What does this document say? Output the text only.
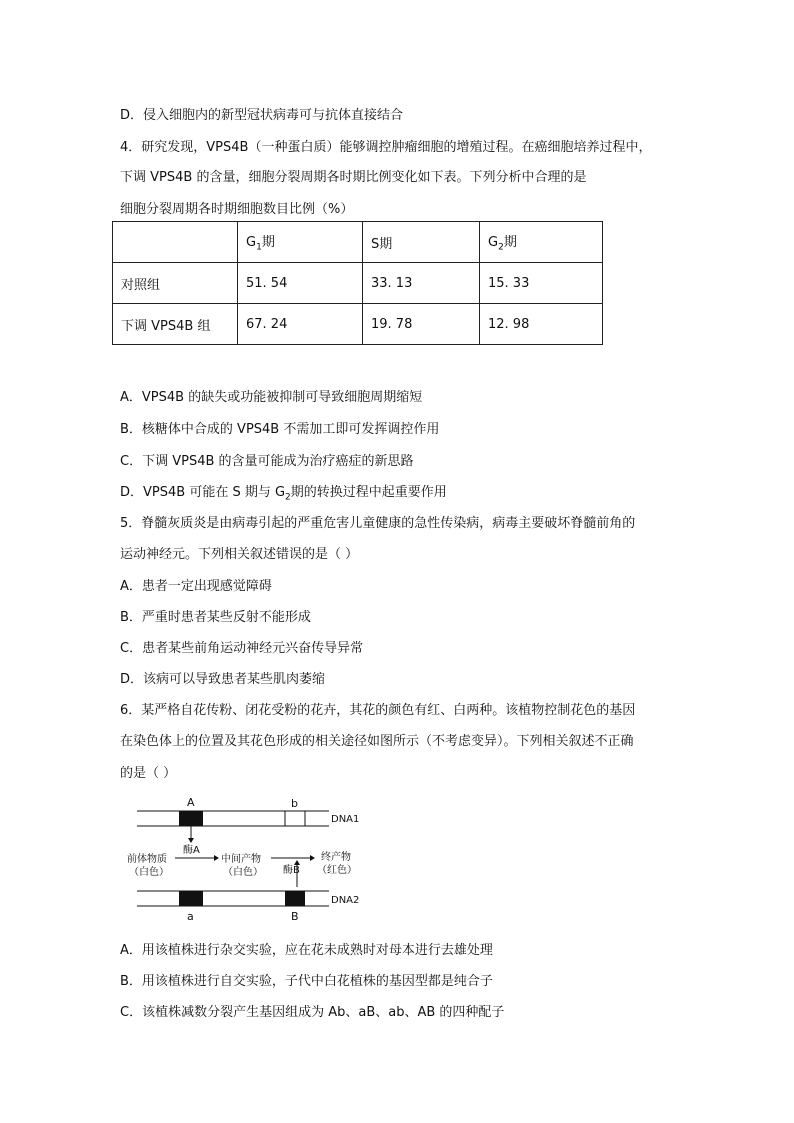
D．侵入细胞内的新型冠状病毒可与抗体直接结合
4．研究发现，VPS4B（一种蛋白质）能够调控肿瘤细胞的增殖过程。在癌细胞培养过程中，
下调 VPS4B 的含量，细胞分裂周期各时期比例变化如下表。下列分析中合理的是
细胞分裂周期各时期细胞数目比例（%）
	$G_1$期	S期	$G_2$期
对照组	51. 54	33. 13	15. 33
下调 VPS4B 组	67. 24	19. 78	12. 98
A．VPS4B 的缺失或功能被抑制可导致细胞周期缩短
B．核糖体中合成的 VPS4B 不需加工即可发挥调控作用
C．下调 VPS4B 的含量可能成为治疗癌症的新思路
D．VPS4B 可能在 S 期与 $G_2$期的转换过程中起重要作用
5．脊髓灰质炎是由病毒引起的严重危害儿童健康的急性传染病，病毒主要破坏脊髓前角的
运动神经元。下列相关叙述错误的是（ ）
A．患者一定出现感觉障碍
B．严重时患者某些反射不能形成
C．患者某些前角运动神经元兴奋传导异常
D．该病可以导致患者某些肌肉萎缩
6．某严格自花传粉、闭花受粉的花卉，其花的颜色有红、白两种。该植物控制花色的基因
在染色体上的位置及其花色形成的相关途径如图所示（不考虑变异）。下列相关叙述不正确
的是（ ）
A	b
DNA1
酶A
前体物质
（白色）
中间产物
（白色）
终产物
（红色）
酶B
a	B
DNA2
A．用该植株进行杂交实验，应在花未成熟时对母本进行去雄处理
B．用该植株进行自交实验，子代中白花植株的基因型都是纯合子
C．该植株减数分裂产生基因组成为 Ab、aB、ab、AB 的四种配子
